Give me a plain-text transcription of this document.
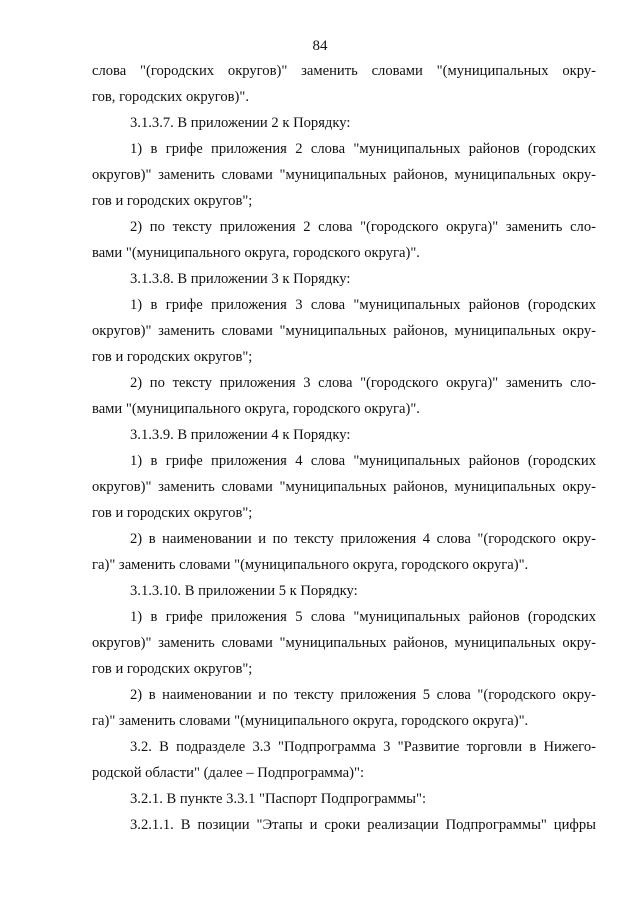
84
слова "(городских округов)" заменить словами "(муниципальных окру-
гов, городских округов)".
3.1.3.7. В приложении 2 к Порядку:
1) в грифе приложения 2 слова "муниципальных районов (городских
округов)" заменить словами "муниципальных районов, муниципальных окру-
гов и городских округов";
2) по тексту приложения 2 слова "(городского округа)" заменить сло-
вами "(муниципального округа, городского округа)".
3.1.3.8. В приложении 3 к Порядку:
1) в грифе приложения 3 слова "муниципальных районов (городских
округов)" заменить словами "муниципальных районов, муниципальных окру-
гов и городских округов";
2) по тексту приложения 3 слова "(городского округа)" заменить сло-
вами "(муниципального округа, городского округа)".
3.1.3.9. В приложении 4 к Порядку:
1) в грифе приложения 4 слова "муниципальных районов (городских
округов)" заменить словами "муниципальных районов, муниципальных окру-
гов и городских округов";
2) в наименовании и по тексту приложения 4 слова "(городского окру-
га)" заменить словами "(муниципального округа, городского округа)".
3.1.3.10. В приложении 5 к Порядку:
1) в грифе приложения 5 слова "муниципальных районов (городских
округов)" заменить словами "муниципальных районов, муниципальных окру-
гов и городских округов";
2) в наименовании и по тексту приложения 5 слова "(городского окру-
га)" заменить словами "(муниципального округа, городского округа)".
3.2. В подразделе 3.3 "Подпрограмма 3 "Развитие торговли в Нижего-
родской области" (далее – Подпрограмма)":
3.2.1. В пункте 3.3.1 "Паспорт Подпрограммы":
3.2.1.1. В позиции "Этапы и сроки реализации Подпрограммы" цифры
